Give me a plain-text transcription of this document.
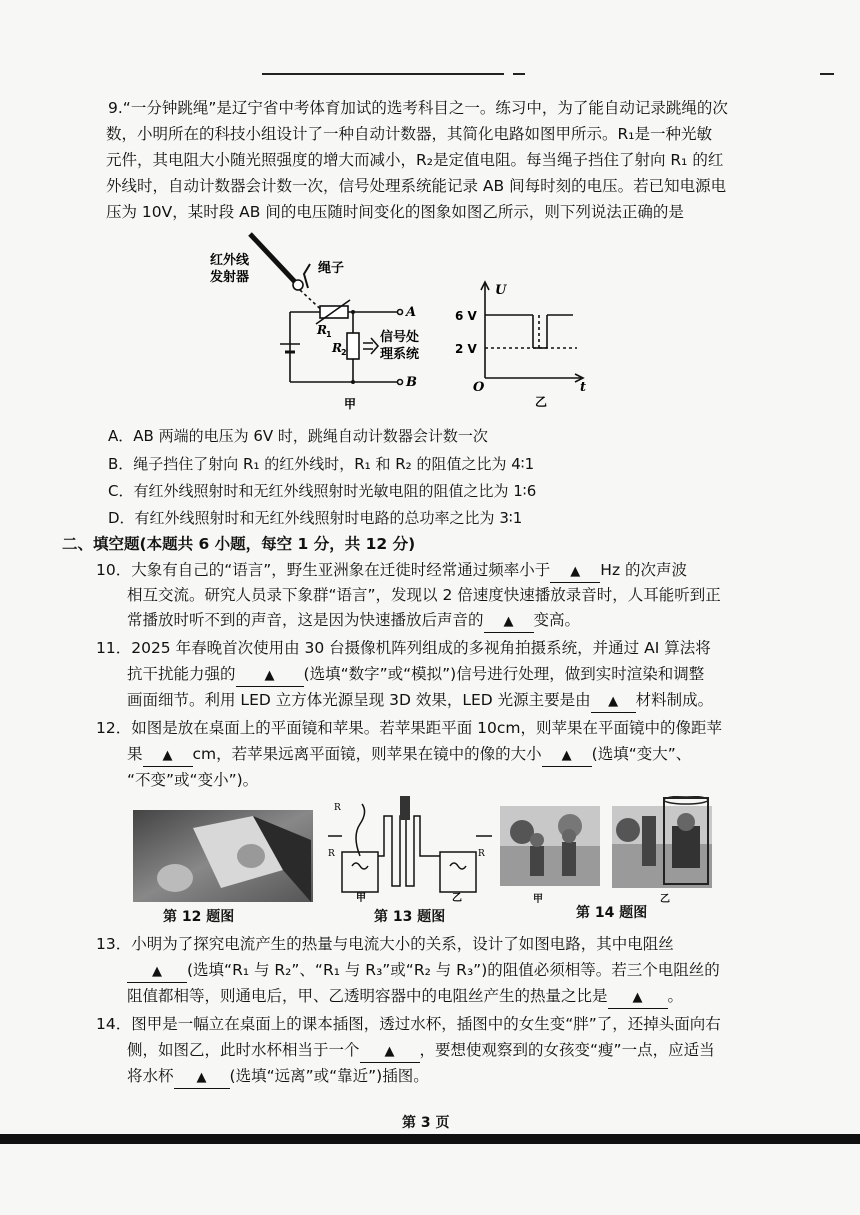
9.“一分钟跳绳”是辽宁省中考体育加试的选考科目之一。练习中，为了能自动记录跳绳的次
数，小明所在的科技小组设计了一种自动计数器，其简化电路如图甲所示。R₁是一种光敏
元件，其电阻大小随光照强度的增大而减小，R₂是定值电阻。每当绳子挡住了射向 R₁ 的红
外线时，自动计数器会计数一次，信号处理系统能记录 AB 间每时刻的电压。若已知电源电
压为 10V，某时段 AB 间的电压随时间变化的图象如图乙所示，则下列说法正确的是
红外线
发射器
绳子
A
B
R 1
R 2
信号处
理系统
甲
U
t
O
6 V
2 V
乙
A．AB 两端的电压为 6V 时，跳绳自动计数器会计数一次
B．绳子挡住了射向 R₁ 的红外线时，R₁ 和 R₂ 的阻值之比为 4∶1
C．有红外线照射时和无红外线照射时光敏电阻的阻值之比为 1∶6
D．有红外线照射时和无红外线照射时电路的总功率之比为 3∶1
二、填空题(本题共 6 小题，每空 1 分，共 12 分)
10．大象有自己的“语言”，野生亚洲象在迁徙时经常通过频率小于 ▲ Hz 的次声波
相互交流。研究人员录下象群“语言”，发现以 2 倍速度快速播放录音时，人耳能听到正
常播放时听不到的声音，这是因为快速播放后声音的 ▲ 变高。
11．2025 年春晚首次使用由 30 台摄像机阵列组成的多视角拍摄系统，并通过 AI 算法将
抗干扰能力强的 ▲ (选填“数字”或“模拟”)信号进行处理，做到实时渲染和调整
画面细节。利用 LED 立方体光源呈现 3D 效果，LED 光源主要是由 ▲ 材料制成。
12．如图是放在桌面上的平面镜和苹果。若苹果距平面 10cm，则苹果在平面镜中的像距苹
果 ▲ cm，若苹果远离平面镜，则苹果在镜中的像的大小 ▲ (选填“变大”、
“不变”或“变小”)。
R
R	R
甲	乙	甲	乙
第 12 题图	第 13 题图	第 14 题图
13．小明为了探究电流产生的热量与电流大小的关系，设计了如图电路，其中电阻丝
▲ (选填“R₁ 与 R₂”、“R₁ 与 R₃”或“R₂ 与 R₃”)的阻值必须相等。若三个电阻丝的
阻值都相等，则通电后，甲、乙透明容器中的电阻丝产生的热量之比是 ▲ 。
14．图甲是一幅立在桌面上的课本插图，透过水杯，插图中的女生变“胖”了，还掉头面向右
侧，如图乙，此时水杯相当于一个 ▲ ，要想使观察到的女孩变“瘦”一点，应适当
将水杯 ▲ (选填“远离”或“靠近”)插图。
第 3 页
